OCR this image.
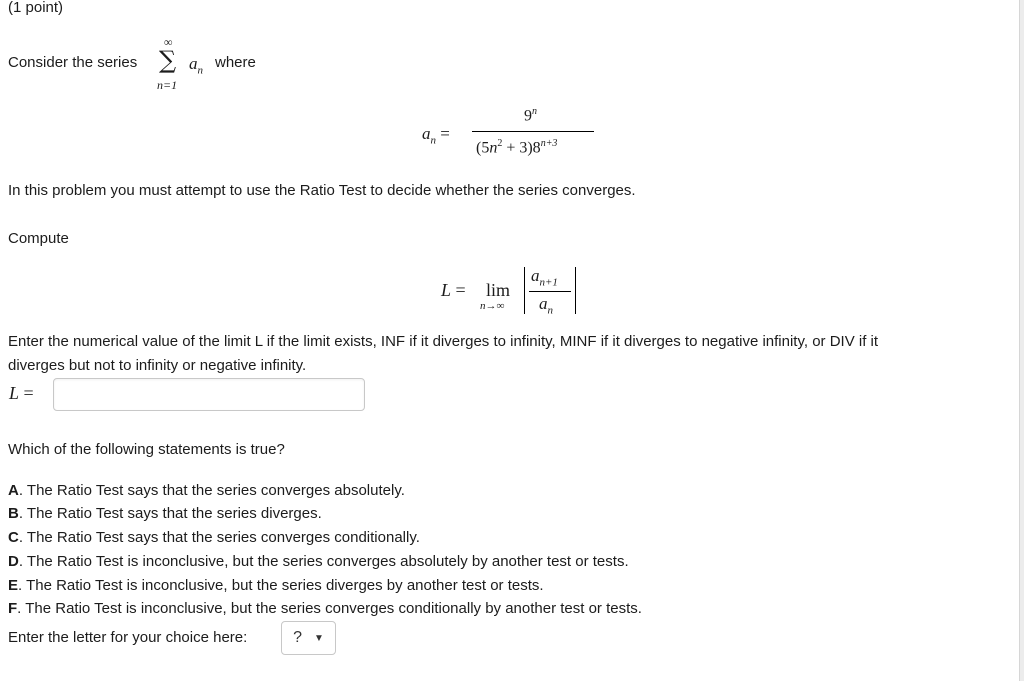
(1 point)
Consider the series
∞
∑
n=1
$a_n$ where
$a_n$ =
$9^n$
$(5n^2 + 3)8^{n+3}$
In this problem you must attempt to use the Ratio Test to decide whether the series converges.
Compute
L = lim
n→∞
$a_{n+1}$
$a_n$
Enter the numerical value of the limit L if the limit exists, INF if it diverges to infinity, MINF if it diverges to negative infinity, or DIV if it
diverges but not to infinity or negative infinity.
L =
Which of the following statements is true?
A. The Ratio Test says that the series converges absolutely.
B. The Ratio Test says that the series diverges.
C. The Ratio Test says that the series converges conditionally.
D. The Ratio Test is inconclusive, but the series converges absolutely by another test or tests.
E. The Ratio Test is inconclusive, but the series diverges by another test or tests.
F. The Ratio Test is inconclusive, but the series converges conditionally by another test or tests.
Enter the letter for your choice here:	? ▼
